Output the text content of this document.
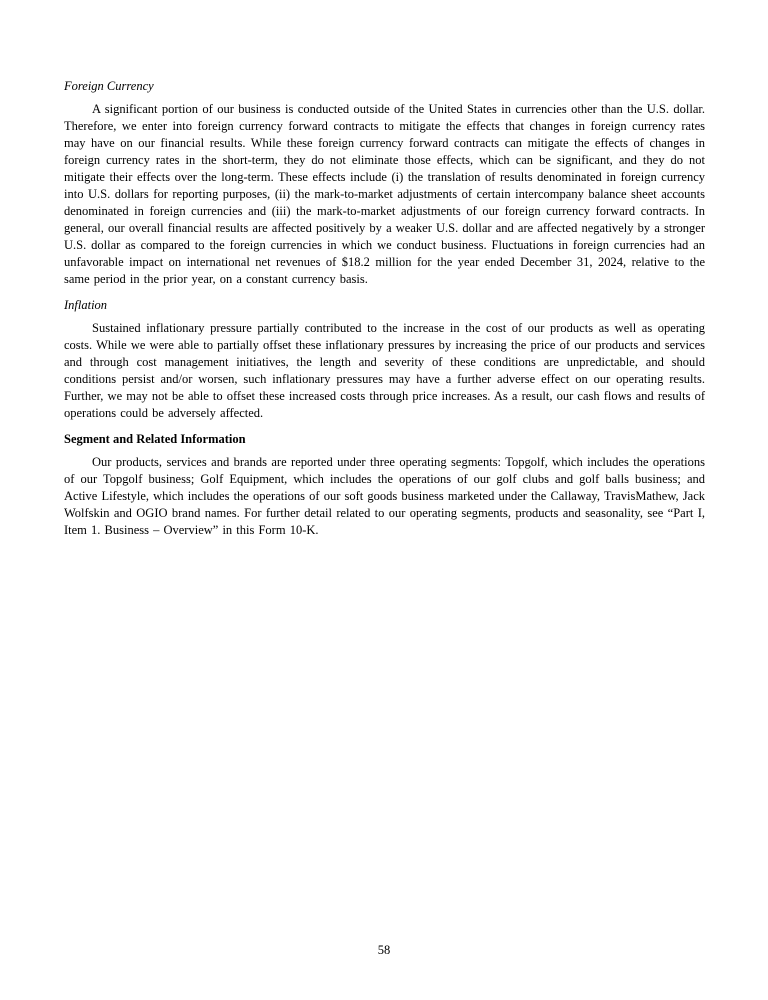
Foreign Currency

A significant portion of our business is conducted outside of the United States in currencies other than the U.S. dollar. Therefore, we enter into foreign currency forward contracts to mitigate the effects that changes in foreign currency rates may have on our financial results. While these foreign currency forward contracts can mitigate the effects of changes in foreign currency rates in the short-term, they do not eliminate those effects, which can be significant, and they do not mitigate their effects over the long-term. These effects include (i) the translation of results denominated in foreign currency into U.S. dollars for reporting purposes, (ii) the mark-to-market adjustments of certain intercompany balance sheet accounts denominated in foreign currencies and (iii) the mark-to-market adjustments of our foreign currency forward contracts. In general, our overall financial results are affected positively by a weaker U.S. dollar and are affected negatively by a stronger U.S. dollar as compared to the foreign currencies in which we conduct business. Fluctuations in foreign currencies had an unfavorable impact on international net revenues of $18.2 million for the year ended December 31, 2024, relative to the same period in the prior year, on a constant currency basis.

Inflation

Sustained inflationary pressure partially contributed to the increase in the cost of our products as well as operating costs. While we were able to partially offset these inflationary pressures by increasing the price of our products and services and through cost management initiatives, the length and severity of these conditions are unpredictable, and should conditions persist and/or worsen, such inflationary pressures may have a further adverse effect on our operating results. Further, we may not be able to offset these increased costs through price increases. As a result, our cash flows and results of operations could be adversely affected.

Segment and Related Information

Our products, services and brands are reported under three operating segments: Topgolf, which includes the operations of our Topgolf business; Golf Equipment, which includes the operations of our golf clubs and golf balls business; and Active Lifestyle, which includes the operations of our soft goods business marketed under the Callaway, TravisMathew, Jack Wolfskin and OGIO brand names. For further detail related to our operating segments, products and seasonality, see “Part I, Item 1. Business – Overview” in this Form 10-K.

58
